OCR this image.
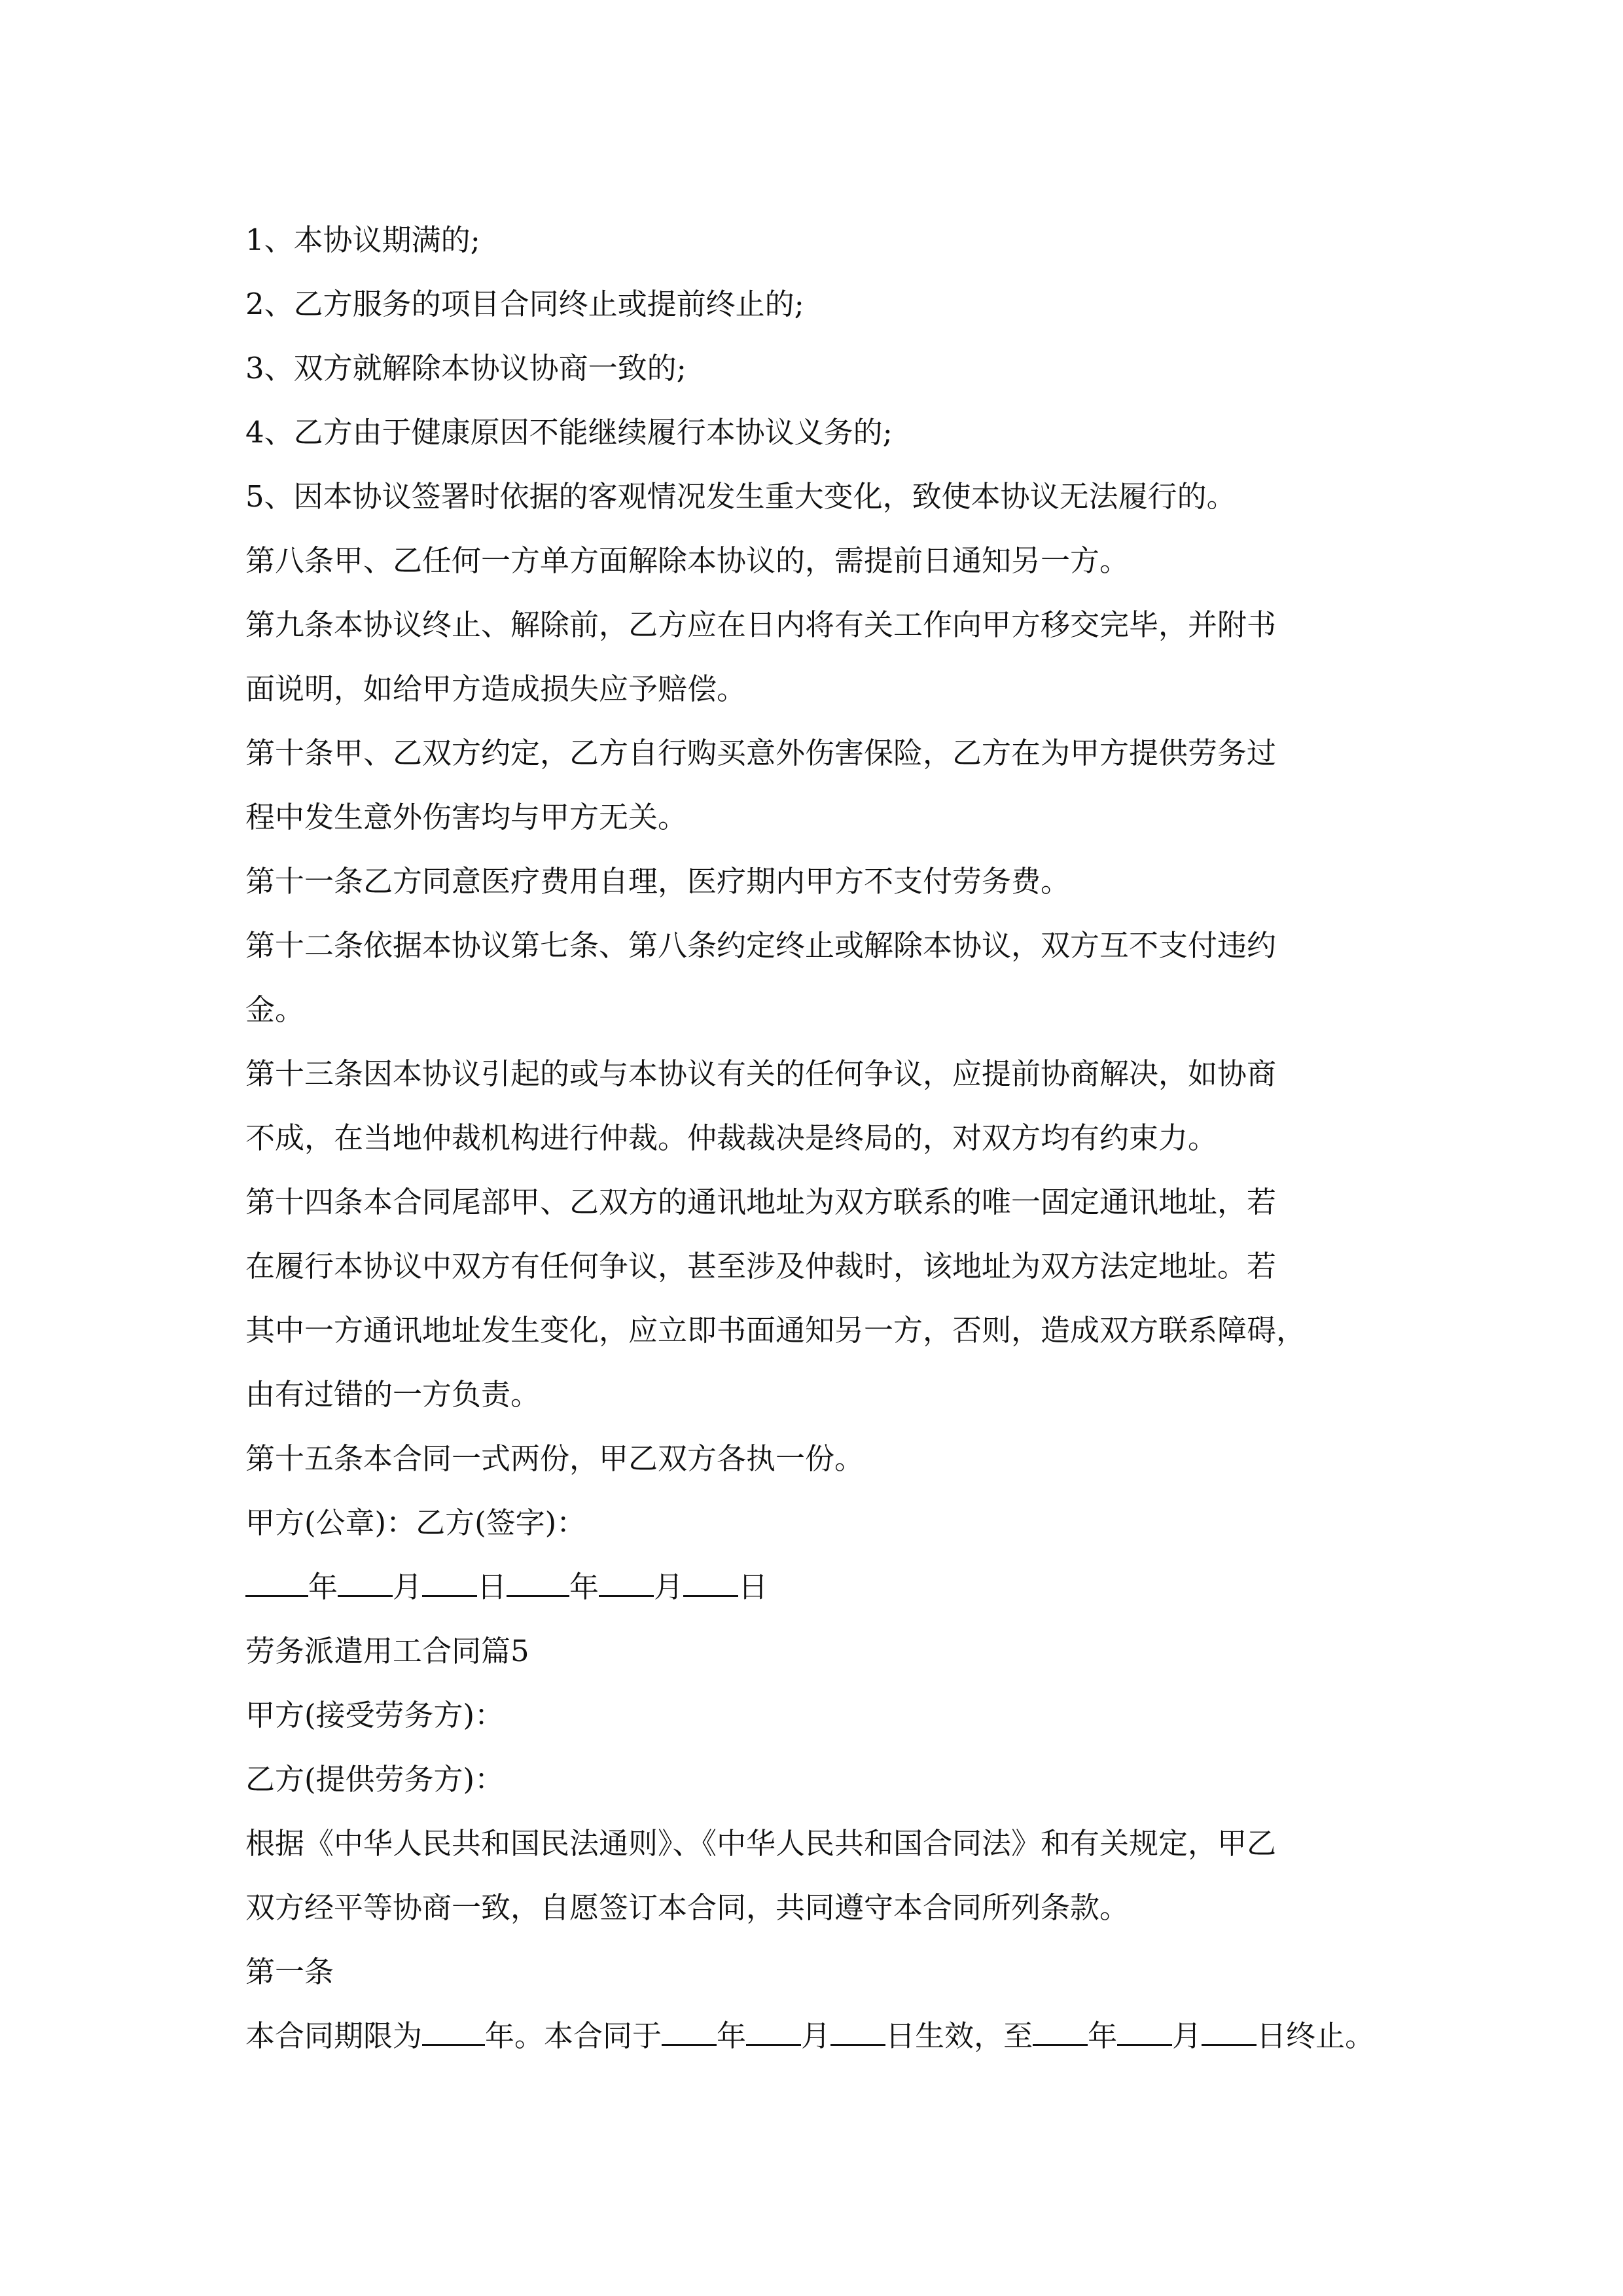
1、本协议期满的;

2、乙方服务的项目合同终止或提前终止的;

3、双方就解除本协议协商一致的;

4、乙方由于健康原因不能继续履行本协议义务的;

5、因本协议签署时依据的客观情况发生重大变化，致使本协议无法履行的。

第八条甲、乙任何一方单方面解除本协议的，需提前日通知另一方。

第九条本协议终止、解除前，乙方应在日内将有关工作向甲方移交完毕，并附书

面说明，如给甲方造成损失应予赔偿。

第十条甲、乙双方约定，乙方自行购买意外伤害保险，乙方在为甲方提供劳务过

程中发生意外伤害均与甲方无关。

第十一条乙方同意医疗费用自理，医疗期内甲方不支付劳务费。

第十二条依据本协议第七条、第八条约定终止或解除本协议，双方互不支付违约

金。

第十三条因本协议引起的或与本协议有关的任何争议，应提前协商解决，如协商

不成，在当地仲裁机构进行仲裁。仲裁裁决是终局的，对双方均有约束力。

第十四条本合同尾部甲、乙双方的通讯地址为双方联系的唯一固定通讯地址，若

在履行本协议中双方有任何争议，甚至涉及仲裁时，该地址为双方法定地址。若

其中一方通讯地址发生变化，应立即书面通知另一方，否则，造成双方联系障碍，

由有过错的一方负责。

第十五条本合同一式两份，甲乙双方各执一份。

甲方(公章)：乙方(签字)：

年 月 日 年 月 日

劳务派遣用工合同篇5

甲方(接受劳务方)：

乙方(提供劳务方)：

根据《中华人民共和国民法通则》、《中华人民共和国合同法》和有关规定，甲乙

双方经平等协商一致，自愿签订本合同，共同遵守本合同所列条款。

第一条

本合同期限为 年。本合同于 年 月 日生效，至 年 月 日终止。
